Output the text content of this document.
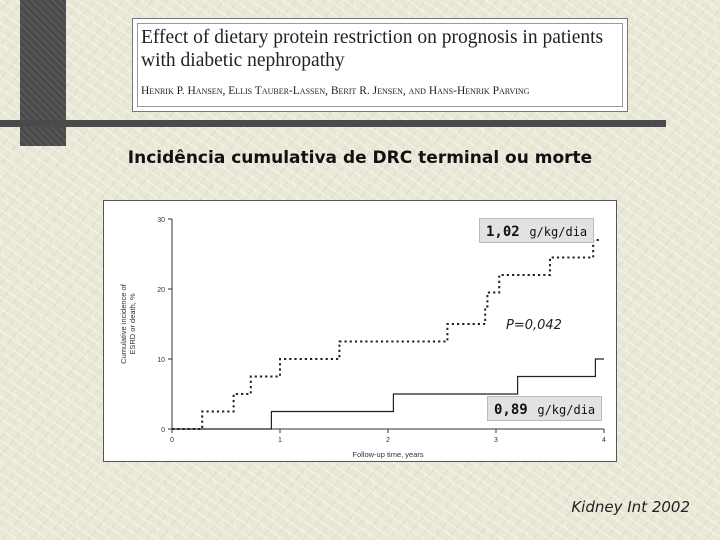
Effect of dietary protein restriction on prognosis in patients with diabetic nephropathy
Henrik P. Hansen, Ellis Tauber-Lassen, Berit R. Jensen, and Hans-Henrik Parving
Incidência cumulativa de DRC terminal ou morte
0
10
20
30
0	1	2	3	4
Follow-up time, years
Cumulative incidence ofESRD or death, %
1,02 g/kg/dia
0,89 g/kg/dia
P=0,042
Kidney Int 2002
